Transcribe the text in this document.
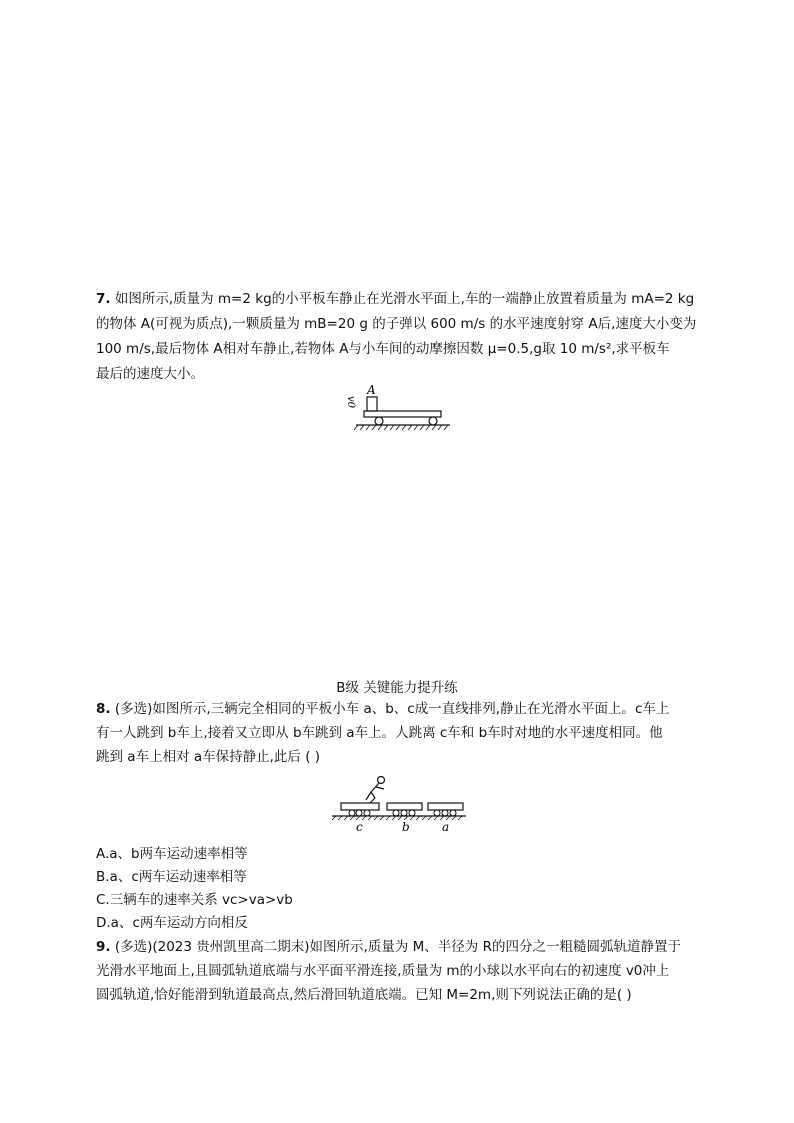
7. 如图所示,质量为 m=2 kg的小平板车静止在光滑水平面上,车的一端静止放置着质量为 mA=2 kg
的物体 A(可视为质点),一颗质量为 mB=20 g 的子弹以 600 m/s 的水平速度射穿 A后,速度大小变为
100 m/s,最后物体 A相对车静止,若物体 A与小车间的动摩擦因数 μ=0.5,g取 10 m/s²,求平板车
最后的速度大小。
v0
A
B级 关键能力提升练
8. (多选)如图所示,三辆完全相同的平板小车 a、b、c成一直线排列,静止在光滑水平面上。c车上
有一人跳到 b车上,接着又立即从 b车跳到 a车上。人跳离 c车和 b车时对地的水平速度相同。他
跳到 a车上相对 a车保持静止,此后 ( )
c	b	a
A.a、b两车运动速率相等
B.a、c两车运动速率相等
C.三辆车的速率关系 vc>va>vb
D.a、c两车运动方向相反
9. (多选)(2023 贵州凯里高二期末)如图所示,质量为 M、半径为 R的四分之一粗糙圆弧轨道静置于
光滑水平地面上,且圆弧轨道底端与水平面平滑连接,质量为 m的小球以水平向右的初速度 v0冲上
圆弧轨道,恰好能滑到轨道最高点,然后滑回轨道底端。已知 M=2m,则下列说法正确的是( )
